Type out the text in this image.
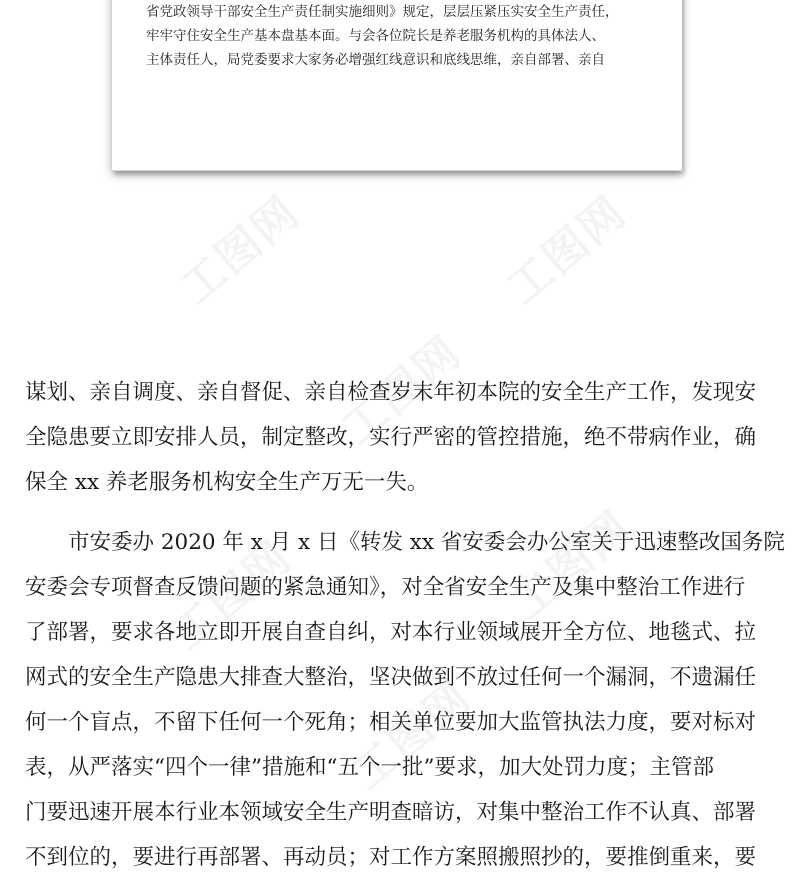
省党政领导干部安全生产责任制实施细则》规定，层层压紧压实安全生产责任，
牢牢守住安全生产基本盘基本面。与会各位院长是养老服务机构的具体法人、
主体责任人，局党委要求大家务必增强红线意识和底线思维，亲自部署、亲自
工图网	工图网
工图网
工图网
工图网
工图网
谋划、亲自调度、亲自督促、亲自检查岁末年初本院的安全生产工作，发现安
全隐患要立即安排人员，制定整改，实行严密的管控措施，绝不带病作业，确
保全 xx 养老服务机构安全生产万无一失。
　　市安委办 2020 年 x 月 x 日《转发 xx 省安委会办公室关于迅速整改国务院
安委会专项督查反馈问题的紧急通知》，对全省安全生产及集中整治工作进行
了部署，要求各地立即开展自查自纠，对本行业领域展开全方位、地毯式、拉
网式的安全生产隐患大排查大整治，坚决做到不放过任何一个漏洞，不遗漏任
何一个盲点，不留下任何一个死角；相关单位要加大监管执法力度，要对标对
表，从严落实“四个一律”措施和“五个一批”要求，加大处罚力度；主管部
门要迅速开展本行业本领域安全生产明查暗访，对集中整治工作不认真、部署
不到位的，要进行再部署、再动员；对工作方案照搬照抄的，要推倒重来，要
